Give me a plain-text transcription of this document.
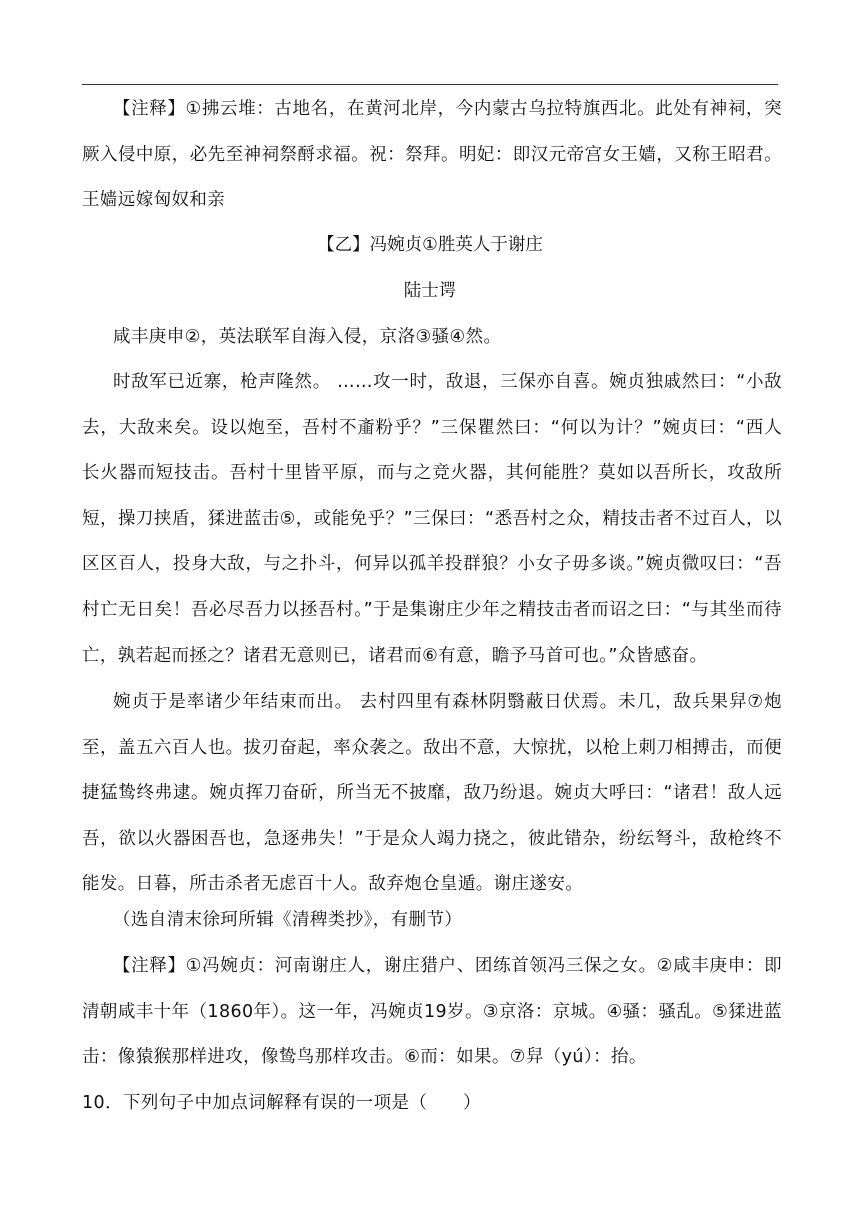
【注释】①拂云堆：古地名，在黄河北岸，今内蒙古乌拉特旗西北。此处有神祠，突厥入侵中原，必先至神祠祭酹求福。祝：祭拜。明妃：即汉元帝宫女王嫱，又称王昭君。王嫱远嫁匈奴和亲

【乙】冯婉贞①胜英人于谢庄

陆士谔

咸丰庚申②，英法联军自海入侵，京洛③骚④然。

时敌军已近寨，枪声隆然。 ……攻一时，敌退，三保亦自喜。婉贞独戚然曰：“小敌去，大敌来矣。设以炮至，吾村不齑粉乎？”三保瞿然曰：“何以为计？”婉贞曰：“西人长火器而短技击。吾村十里皆平原，而与之竞火器，其何能胜？莫如以吾所长，攻敌所短，操刀挟盾，猱进蓝击⑤，或能免乎？”三保曰：“悉吾村之众，精技击者不过百人，以区区百人，投身大敌，与之扑斗，何异以孤羊投群狼？小女子毋多谈。”婉贞微叹曰：“吾村亡无日矣！吾必尽吾力以拯吾村。”于是集谢庄少年之精技击者而诏之曰：“与其坐而待亡，孰若起而拯之？诸君无意则已，诸君而⑥有意，瞻予马首可也。”众皆感奋。

婉贞于是率诸少年结束而出。 去村四里有森林阴翳蔽日伏焉。未几，敌兵果舁⑦炮至，盖五六百人也。拔刃奋起，率众袭之。敌出不意，大惊扰，以枪上刺刀相搏击，而便捷猛鸷终弗逮。婉贞挥刀奋斫，所当无不披靡，敌乃纷退。婉贞大呼曰：“诸君！敌人远吾，欲以火器困吾也，急逐弗失！”于是众人竭力挠之，彼此错杂，纷纭弩斗，敌枪终不能发。日暮，所击杀者无虑百十人。敌弃炮仓皇遁。谢庄遂安。

（选自清末徐珂所辑《清稗类抄》，有删节）

【注释】①冯婉贞：河南谢庄人，谢庄猎户、团练首领冯三保之女。②咸丰庚申：即清朝咸丰十年（1860年）。这一年，冯婉贞19岁。③京洛：京城。④骚：骚乱。⑤猱进蓝击：像猿猴那样进攻，像鸷鸟那样攻击。⑥而：如果。⑦舁（yú）：抬。

10．下列句子中加点词解释有误的一项是（　　）
